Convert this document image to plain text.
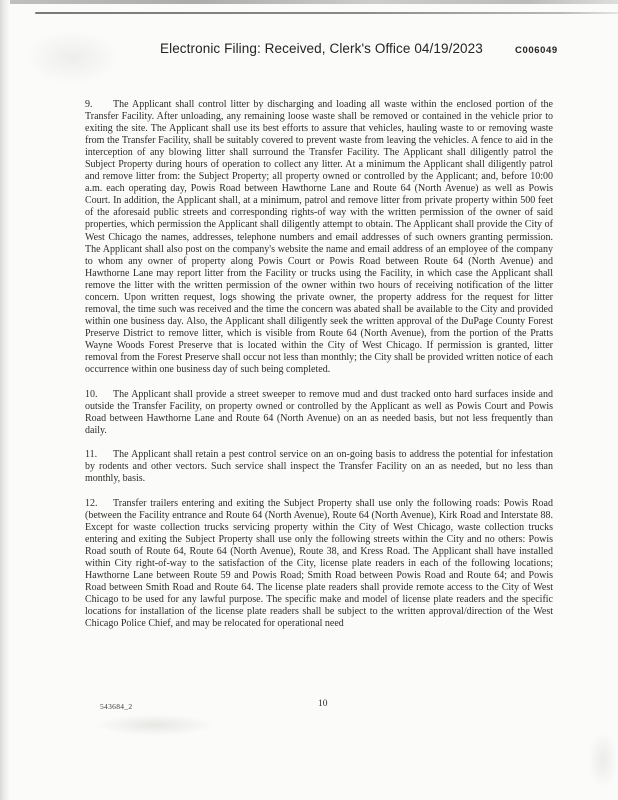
Electronic Filing: Received, Clerk's Office 04/19/2023	C006049

9. The Applicant shall control litter by discharging and loading all waste within the enclosed portion of the Transfer Facility. After unloading, any remaining loose waste shall be removed or contained in the vehicle prior to exiting the site. The Applicant shall use its best efforts to assure that vehicles, hauling waste to or removing waste from the Transfer Facility, shall be suitably covered to prevent waste from leaving the vehicles. A fence to aid in the interception of any blowing litter shall surround the Transfer Facility. The Applicant shall diligently patrol the Subject Property during hours of operation to collect any litter. At a minimum the Applicant shall diligently patrol and remove litter from: the Subject Property; all property owned or controlled by the Applicant; and, before 10:00 a.m. each operating day, Powis Road between Hawthorne Lane and Route 64 (North Avenue) as well as Powis Court. In addition, the Applicant shall, at a minimum, patrol and remove litter from private property within 500 feet of the aforesaid public streets and corresponding rights-of way with the written permission of the owner of said properties, which permission the Applicant shall diligently attempt to obtain. The Applicant shall provide the City of West Chicago the names, addresses, telephone numbers and email addresses of such owners granting permission. The Applicant shall also post on the company's website the name and email address of an employee of the company to whom any owner of property along Powis Court or Powis Road between Route 64 (North Avenue) and Hawthorne Lane may report litter from the Facility or trucks using the Facility, in which case the Applicant shall remove the litter with the written permission of the owner within two hours of receiving notification of the litter concern. Upon written request, logs showing the private owner, the property address for the request for litter removal, the time such was received and the time the concern was abated shall be available to the City and provided within one business day. Also, the Applicant shall diligently seek the written approval of the DuPage County Forest Preserve District to remove litter, which is visible from Route 64 (North Avenue), from the portion of the Pratts Wayne Woods Forest Preserve that is located within the City of West Chicago. If permission is granted, litter removal from the Forest Preserve shall occur not less than monthly; the City shall be provided written notice of each occurrence within one business day of such being completed.

10. The Applicant shall provide a street sweeper to remove mud and dust tracked onto hard surfaces inside and outside the Transfer Facility, on property owned or controlled by the Applicant as well as Powis Court and Powis Road between Hawthorne Lane and Route 64 (North Avenue) on an as needed basis, but not less frequently than daily.

11. The Applicant shall retain a pest control service on an on-going basis to address the potential for infestation by rodents and other vectors. Such service shall inspect the Transfer Facility on an as needed, but no less than monthly, basis.

12. Transfer trailers entering and exiting the Subject Property shall use only the following roads: Powis Road (between the Facility entrance and Route 64 (North Avenue), Route 64 (North Avenue), Kirk Road and Interstate 88. Except for waste collection trucks servicing property within the City of West Chicago, waste collection trucks entering and exiting the Subject Property shall use only the following streets within the City and no others: Powis Road south of Route 64, Route 64 (North Avenue), Route 38, and Kress Road. The Applicant shall have installed within City right-of-way to the satisfaction of the City, license plate readers in each of the following locations; Hawthorne Lane between Route 59 and Powis Road; Smith Road between Powis Road and Route 64; and Powis Road between Smith Road and Route 64. The license plate readers shall provide remote access to the City of West Chicago to be used for any lawful purpose. The specific make and model of license plate readers and the specific locations for installation of the license plate readers shall be subject to the written approval/direction of the West Chicago Police Chief, and may be relocated for operational need

543684_2	10
